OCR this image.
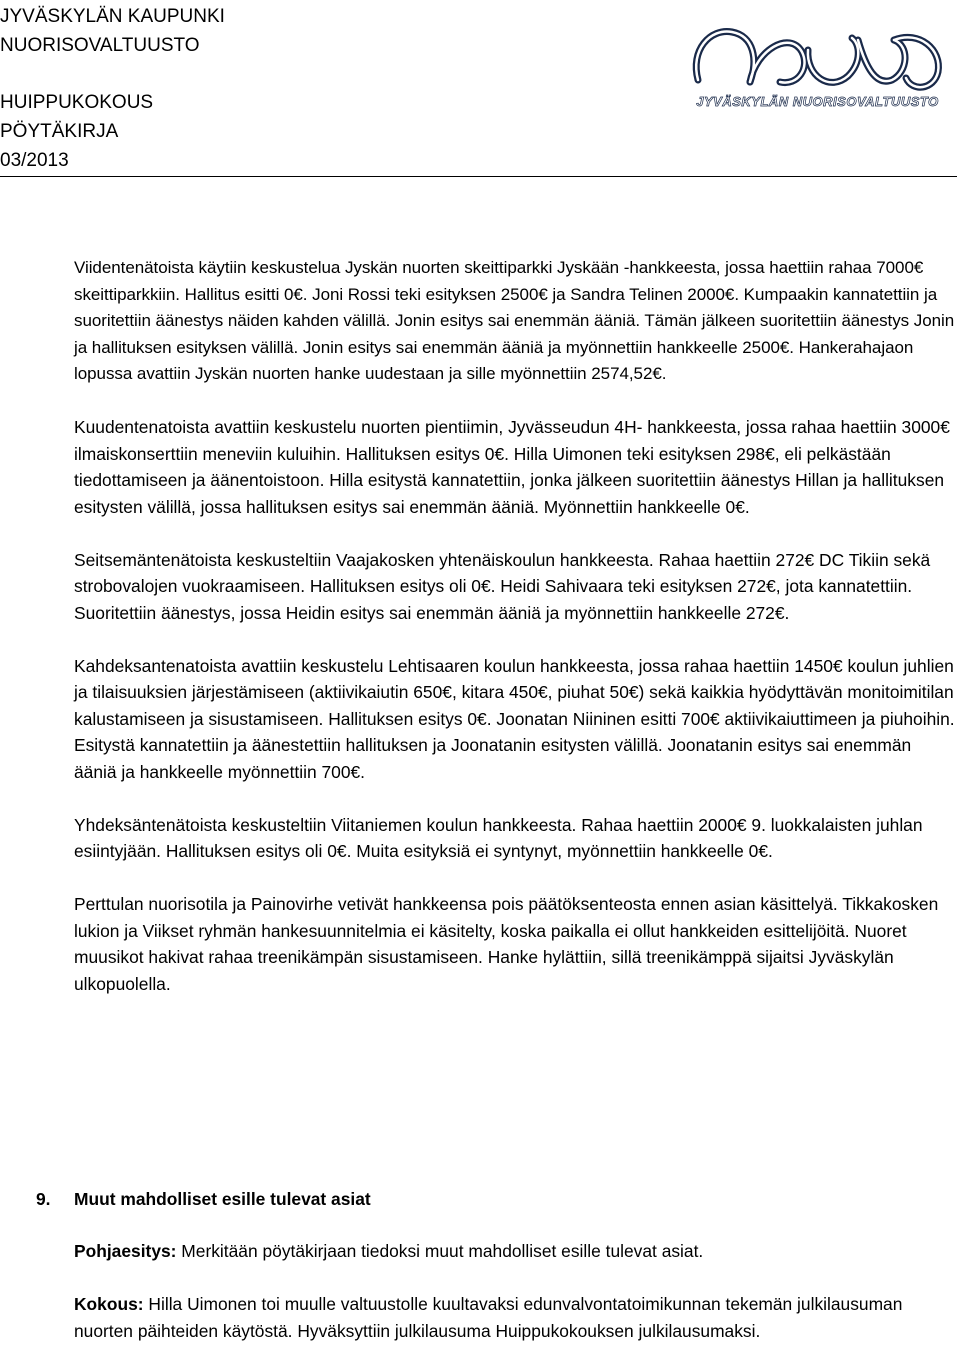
JYVÄSKYLÄN KAUPUNKI
NUORISOVALTUUSTO
HUIPPUKOKOUS
PÖYTÄKIRJA
03/2013
JYVÄSKYLÄN NUORISOVALTUUSTO

Viidentenätoista käytiin keskustelua Jyskän nuorten skeittiparkki Jyskään -hankkeesta, jossa haettiin rahaa 7000€ skeittiparkkiin. Hallitus esitti 0€. Joni Rossi teki esityksen 2500€ ja Sandra Telinen 2000€. Kumpaakin kannatettiin ja suoritettiin äänestys näiden kahden välillä. Jonin esitys sai enemmän ääniä. Tämän jälkeen suoritettiin äänestys Jonin ja hallituksen esityksen välillä. Jonin esitys sai enemmän ääniä ja myönnettiin hankkeelle 2500€. Hankerahajaon lopussa avattiin Jyskän nuorten hanke uudestaan ja sille myönnettiin 2574,52€.

Kuudentenatoista avattiin keskustelu nuorten pientiimin, Jyvässeudun 4H- hankkeesta, jossa rahaa haettiin 3000€ ilmaiskonserttiin meneviin kuluihin. Hallituksen esitys 0€. Hilla Uimonen teki esityksen 298€, eli pelkästään tiedottamiseen ja äänentoistoon. Hilla esitystä kannatettiin, jonka jälkeen suoritettiin äänestys Hillan ja hallituksen esitysten välillä, jossa hallituksen esitys sai enemmän ääniä. Myönnettiin hankkeelle 0€.

Seitsemäntenätoista keskusteltiin Vaajakosken yhtenäiskoulun hankkeesta. Rahaa haettiin 272€ DC Tikiin sekä strobovalojen vuokraamiseen. Hallituksen esitys oli 0€. Heidi Sahivaara teki esityksen 272€, jota kannatettiin. Suoritettiin äänestys, jossa Heidin esitys sai enemmän ääniä ja myönnettiin hankkeelle 272€.

Kahdeksantenatoista avattiin keskustelu Lehtisaaren koulun hankkeesta, jossa rahaa haettiin 1450€ koulun juhlien ja tilaisuuksien järjestämiseen (aktiivikaiutin 650€, kitara 450€, piuhat 50€) sekä kaikkia hyödyttävän monitoimitilan kalustamiseen ja sisustamiseen. Hallituksen esitys 0€. Joonatan Niininen esitti 700€ aktiivikaiuttimeen ja piuhoihin. Esitystä kannatettiin ja äänestettiin hallituksen ja Joonatanin esitysten välillä. Joonatanin esitys sai enemmän ääniä ja hankkeelle myönnettiin 700€.

Yhdeksäntenätoista keskusteltiin Viitaniemen koulun hankkeesta. Rahaa haettiin 2000€ 9. luokkalaisten juhlan esiintyjään. Hallituksen esitys oli 0€. Muita esityksiä ei syntynyt, myönnettiin hankkeelle 0€.

Perttulan nuorisotila ja Painovirhe vetivät hankkeensa pois päätöksenteosta ennen asian käsittelyä. Tikkakosken lukion ja Viikset ryhmän hankesuunnitelmia ei käsitelty, koska paikalla ei ollut hankkeiden esittelijöitä. Nuoret muusikot hakivat rahaa treenikämpän sisustamiseen. Hanke hylättiin, sillä treenikämppä sijaitsi Jyväskylän ulkopuolella.

9. Muut mahdolliset esille tulevat asiat

Pohjaesitys: Merkitään pöytäkirjaan tiedoksi muut mahdolliset esille tulevat asiat.

Kokous: Hilla Uimonen toi muulle valtuustolle kuultavaksi edunvalvontatoimikunnan tekemän julkilausuman nuorten päihteiden käytöstä. Hyväksyttiin julkilausuma Huippukokouksen julkilausumaksi.
